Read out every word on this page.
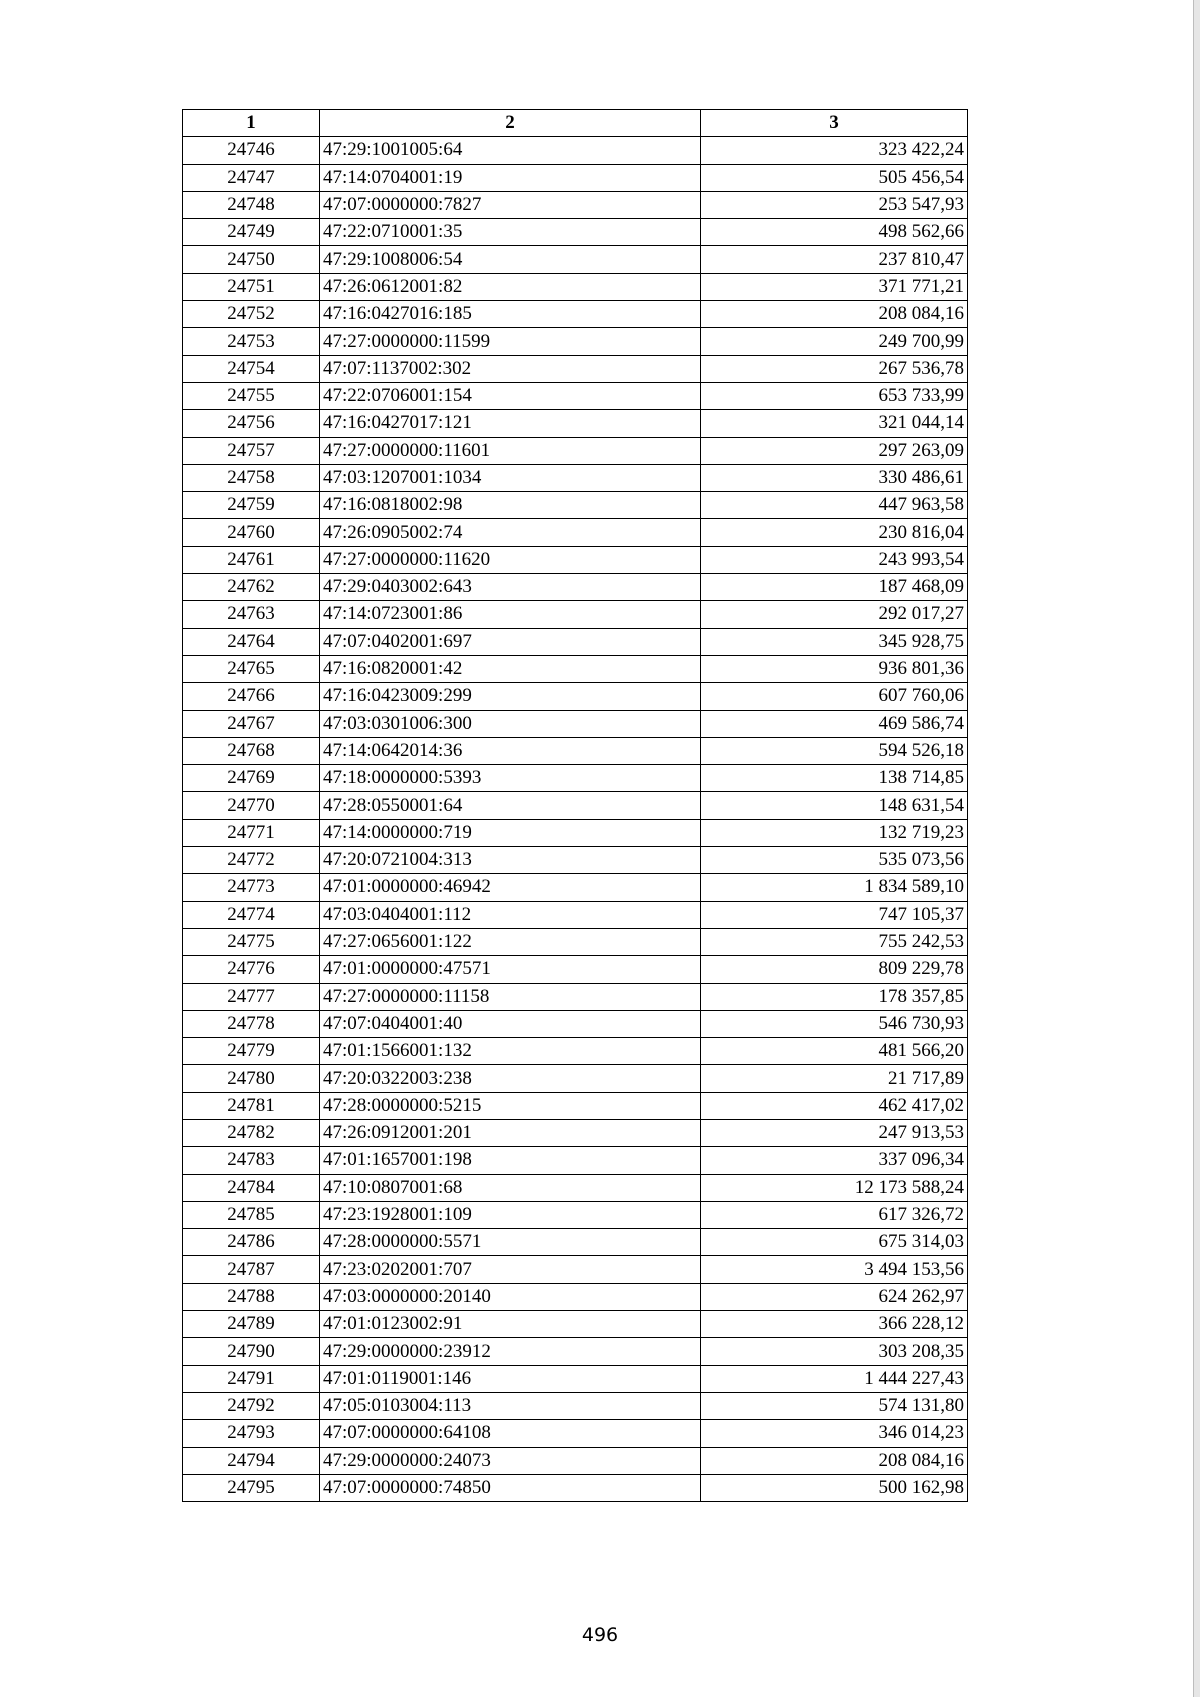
1	2	3
24746	47:29:1001005:64	323 422,24
24747	47:14:0704001:19	505 456,54
24748	47:07:0000000:7827	253 547,93
24749	47:22:0710001:35	498 562,66
24750	47:29:1008006:54	237 810,47
24751	47:26:0612001:82	371 771,21
24752	47:16:0427016:185	208 084,16
24753	47:27:0000000:11599	249 700,99
24754	47:07:1137002:302	267 536,78
24755	47:22:0706001:154	653 733,99
24756	47:16:0427017:121	321 044,14
24757	47:27:0000000:11601	297 263,09
24758	47:03:1207001:1034	330 486,61
24759	47:16:0818002:98	447 963,58
24760	47:26:0905002:74	230 816,04
24761	47:27:0000000:11620	243 993,54
24762	47:29:0403002:643	187 468,09
24763	47:14:0723001:86	292 017,27
24764	47:07:0402001:697	345 928,75
24765	47:16:0820001:42	936 801,36
24766	47:16:0423009:299	607 760,06
24767	47:03:0301006:300	469 586,74
24768	47:14:0642014:36	594 526,18
24769	47:18:0000000:5393	138 714,85
24770	47:28:0550001:64	148 631,54
24771	47:14:0000000:719	132 719,23
24772	47:20:0721004:313	535 073,56
24773	47:01:0000000:46942	1 834 589,10
24774	47:03:0404001:112	747 105,37
24775	47:27:0656001:122	755 242,53
24776	47:01:0000000:47571	809 229,78
24777	47:27:0000000:11158	178 357,85
24778	47:07:0404001:40	546 730,93
24779	47:01:1566001:132	481 566,20
24780	47:20:0322003:238	21 717,89
24781	47:28:0000000:5215	462 417,02
24782	47:26:0912001:201	247 913,53
24783	47:01:1657001:198	337 096,34
24784	47:10:0807001:68	12 173 588,24
24785	47:23:1928001:109	617 326,72
24786	47:28:0000000:5571	675 314,03
24787	47:23:0202001:707	3 494 153,56
24788	47:03:0000000:20140	624 262,97
24789	47:01:0123002:91	366 228,12
24790	47:29:0000000:23912	303 208,35
24791	47:01:0119001:146	1 444 227,43
24792	47:05:0103004:113	574 131,80
24793	47:07:0000000:64108	346 014,23
24794	47:29:0000000:24073	208 084,16
24795	47:07:0000000:74850	500 162,98
496
